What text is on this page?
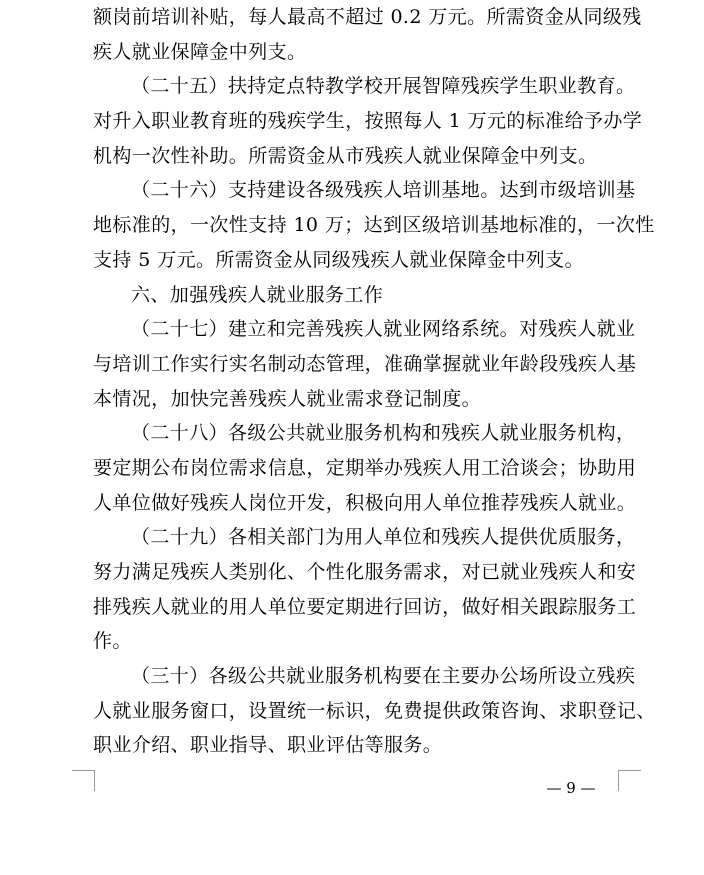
额岗前培训补贴，每人最高不超过 0.2 万元。所需资金从同级残
疾人就业保障金中列支。
（二十五）扶持定点特教学校开展智障残疾学生职业教育。
对升入职业教育班的残疾学生，按照每人 1 万元的标准给予办学
机构一次性补助。所需资金从市残疾人就业保障金中列支。
（二十六）支持建设各级残疾人培训基地。达到市级培训基
地标准的，一次性支持 10 万；达到区级培训基地标准的，一次性
支持 5 万元。所需资金从同级残疾人就业保障金中列支。
六、加强残疾人就业服务工作
（二十七）建立和完善残疾人就业网络系统。对残疾人就业
与培训工作实行实名制动态管理，准确掌握就业年龄段残疾人基
本情况，加快完善残疾人就业需求登记制度。
（二十八）各级公共就业服务机构和残疾人就业服务机构，
要定期公布岗位需求信息，定期举办残疾人用工洽谈会；协助用
人单位做好残疾人岗位开发，积极向用人单位推荐残疾人就业。
（二十九）各相关部门为用人单位和残疾人提供优质服务，
努力满足残疾人类别化、个性化服务需求，对已就业残疾人和安
排残疾人就业的用人单位要定期进行回访，做好相关跟踪服务工
作。
（三十）各级公共就业服务机构要在主要办公场所设立残疾
人就业服务窗口，设置统一标识，免费提供政策咨询、求职登记、
职业介绍、职业指导、职业评估等服务。
— 9 —
